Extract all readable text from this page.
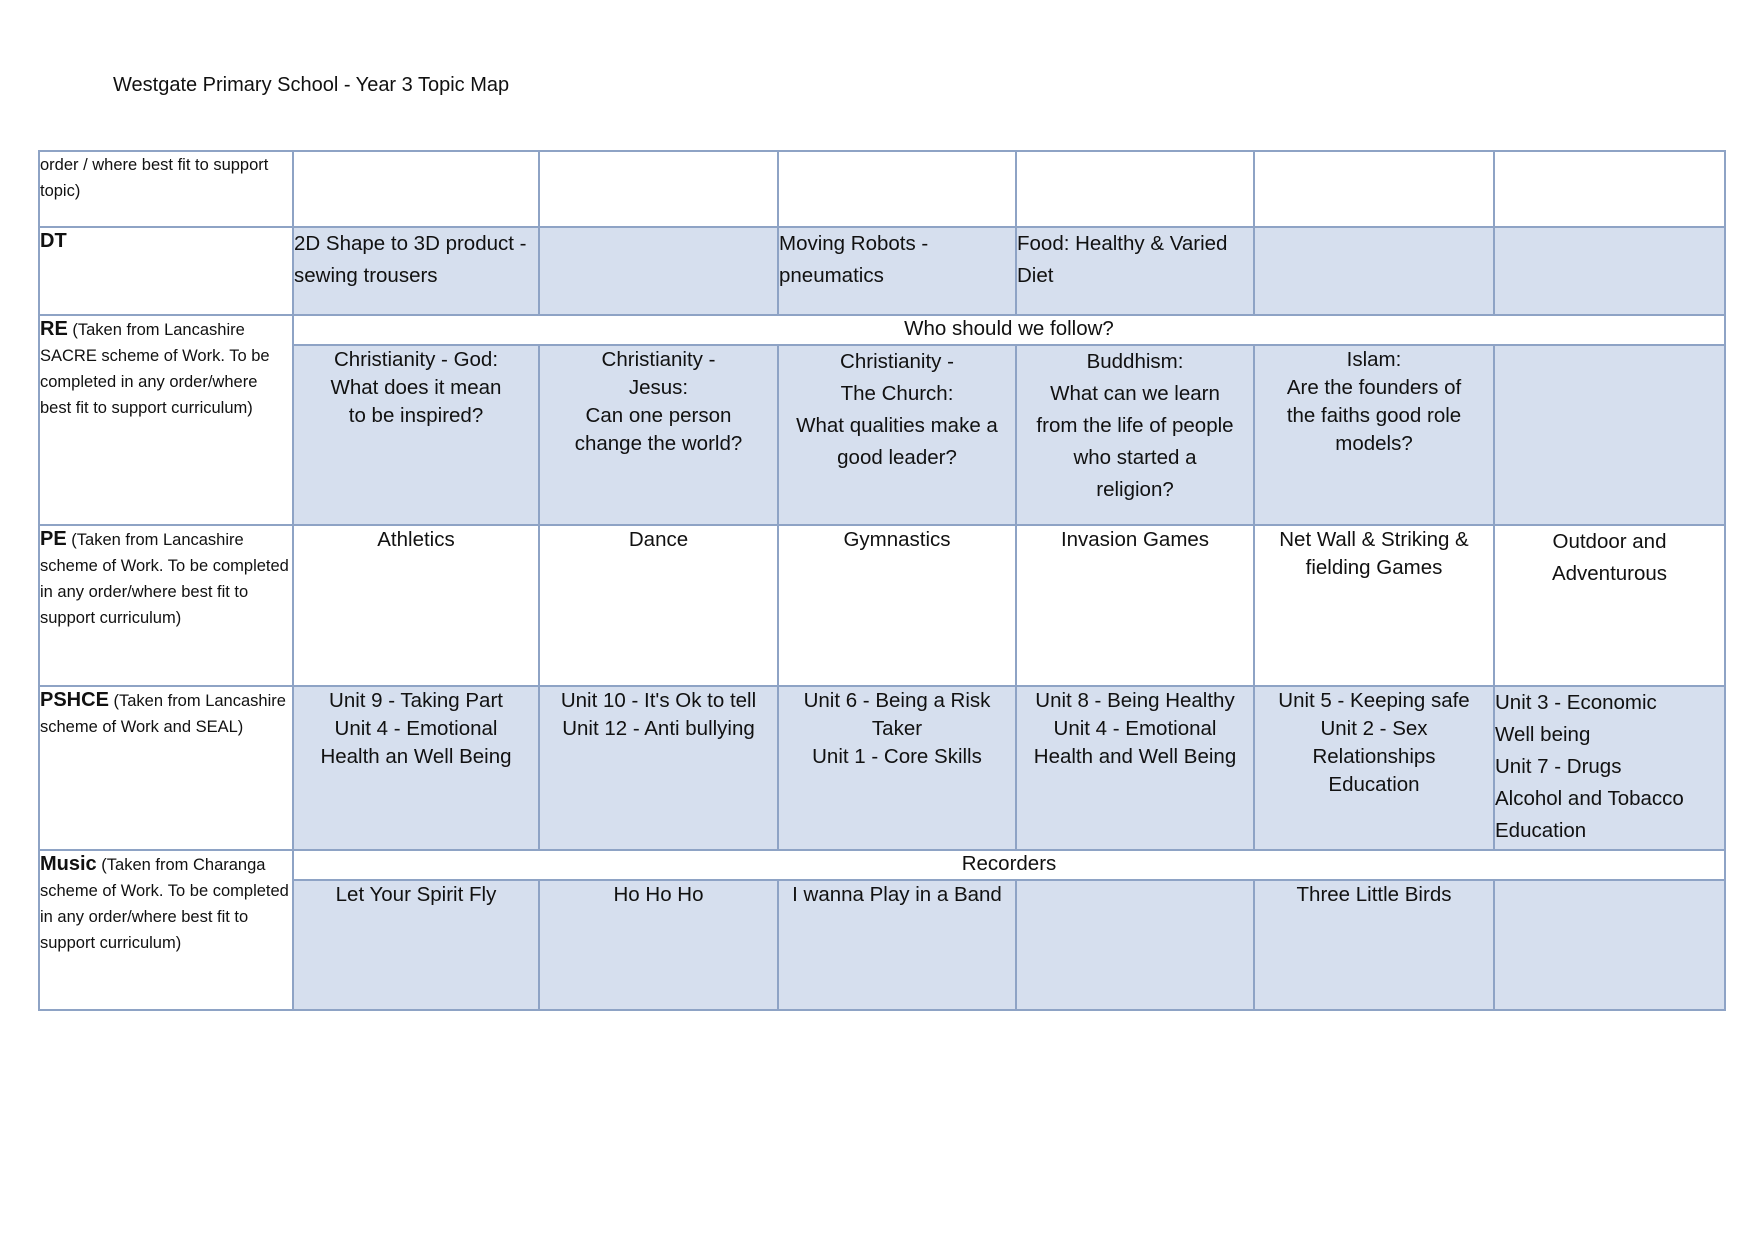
Westgate Primary School - Year 3 Topic Map
order / where best fit to support topic)						
DT	2D Shape to 3D product - sewing trousers		Moving Robots - pneumatics	Food: Healthy & Varied Diet		
RE (Taken from Lancashire SACRE scheme of Work. To be completed in any order/where best fit to support curriculum)	Who should we follow?					
	Christianity - God:
What does it mean
to be inspired?	Christianity -
Jesus:
Can one person
change the world?	Christianity -
The Church:
What qualities make a
good leader?	Buddhism:
What can we learn
from the life of people
who started a
religion?	Islam:
Are the founders of
the faiths good role
models?	
PE (Taken from Lancashire scheme of Work. To be completed in any order/where best fit to support curriculum)	Athletics	Dance	Gymnastics	Invasion Games	Net Wall & Striking &
fielding Games	Outdoor and
Adventurous
PSHCE (Taken from Lancashire scheme of Work and SEAL)	Unit 9 - Taking Part
Unit 4 - Emotional
Health an Well Being	Unit 10 - It's Ok to tell
Unit 12 - Anti bullying	Unit 6 - Being a Risk
Taker
Unit 1 - Core Skills	Unit 8 - Being Healthy
Unit 4 - Emotional
Health and Well Being	Unit 5 - Keeping safe
Unit 2 - Sex
Relationships
Education	Unit 3 - Economic
Well being
Unit 7 - Drugs
Alcohol and Tobacco
Education
Music (Taken from Charanga scheme of Work. To be completed in any order/where best fit to support curriculum)	Recorders					
	Let Your Spirit Fly	Ho Ho Ho	I wanna Play in a Band		Three Little Birds	
